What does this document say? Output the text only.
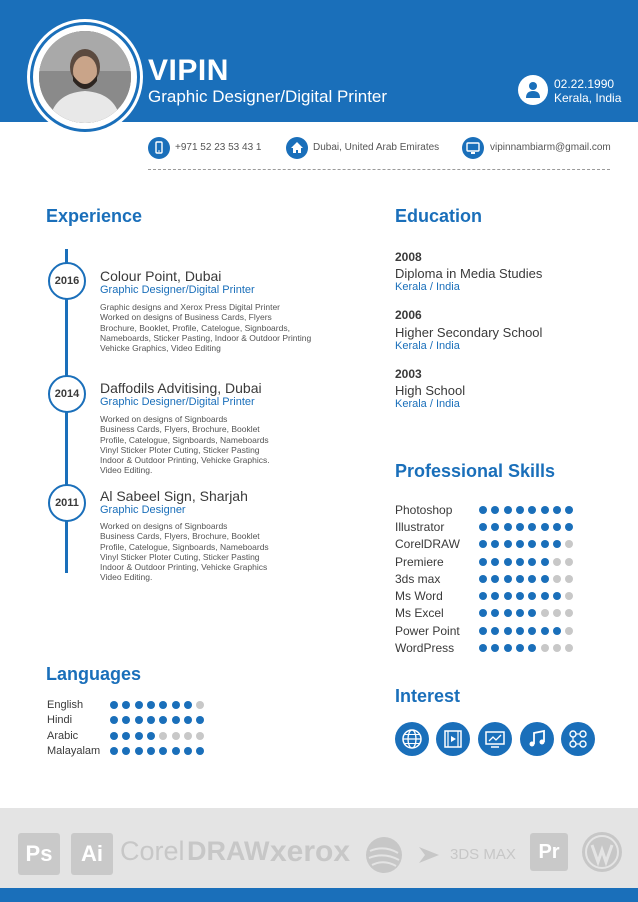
VIPIN
Graphic Designer/Digital Printer
02.22.1990
Kerala, India
+971 52 23 53 43 1	Dubai, United Arab Emirates	vipinnambiarm@gmail.com
Experience
2016	Colour Point, Dubai
Graphic Designer/Digital Printer
Graphic designs and Xerox Press Digital Printer
Worked on designs of Business Cards, Flyers
Brochure, Booklet, Profile, Catelogue, Signboards,
Nameboards, Sticker Pasting, Indoor & Outdoor Printing
Vehicke Graphics, Video Editing
2014	Daffodils Advitising, Dubai
Graphic Designer/Digital Printer
Worked on designs of Signboards
Business Cards, Flyers, Brochure, Booklet
Profile, Catelogue, Signboards, Nameboards
Vinyl Sticker Ploter Cuting, Sticker Pasting
Indoor & Outdoor Printing, Vehicke Graphics.
Video Editing.
2011	Al Sabeel Sign, Sharjah
Graphic Designer
Worked on designs of Signboards
Business Cards, Flyers, Brochure, Booklet
Profile, Catelogue, Signboards, Nameboards
Vinyl Sticker Ploter Cuting, Sticker Pasting
Indoor & Outdoor Printing, Vehicke Graphics
Video Editing.
Education
2008
Diploma in Media Studies
Kerala / India
2006
Higher Secondary School
Kerala / India
2003
High School
Kerala / India
Professional Skills
Photoshop
Illustrator
CorelDRAW
Premiere
3ds max
Ms Word
Ms Excel
Power Point
WordPress
Languages
English
Hindi
Arabic
Malayalam
Interest
Ps	Ai Corel DRAW xerox	3DS MAX	Pr
